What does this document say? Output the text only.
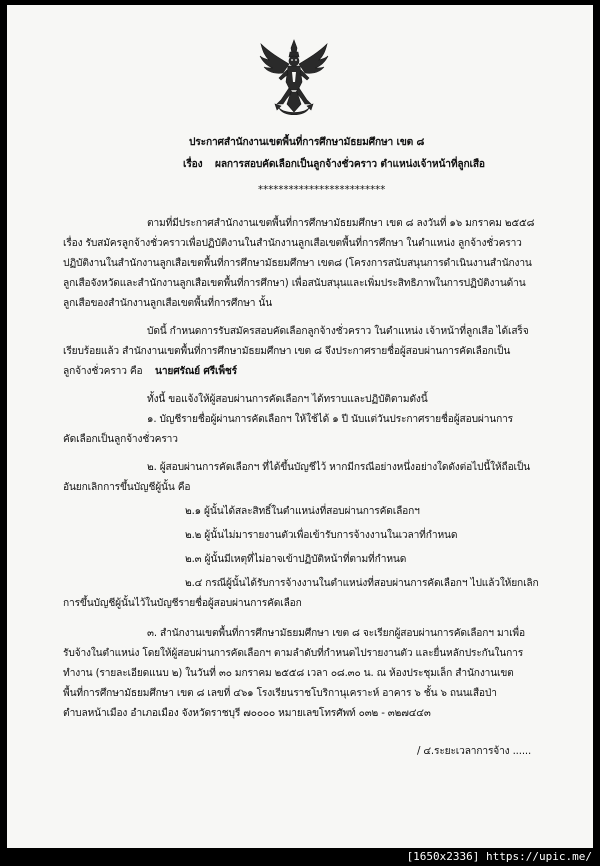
ประกาศสำนักงานเขตพื้นที่การศึกษามัธยมศึกษา เขต ๘
เรื่อง ผลการสอบคัดเลือกเป็นลูกจ้างชั่วคราว ตำแหน่งเจ้าหน้าที่ลูกเสือ
*************************
ตามที่มีประกาศสำนักงานเขตพื้นที่การศึกษามัธยมศึกษา เขต ๘ ลงวันที่ ๑๖ มกราคม ๒๕๕๘
เรื่อง รับสมัครลูกจ้างชั่วคราวเพื่อปฏิบัติงานในสำนักงานลูกเสือเขตพื้นที่การศึกษา ในตำแหน่ง ลูกจ้างชั่วคราว
ปฏิบัติงานในสำนักงานลูกเสือเขตพื้นที่การศึกษามัธยมศึกษา เขต๘ (โครงการสนับสนุนการดำเนินงานสำนักงาน
ลูกเสือจังหวัดและสำนักงานลูกเสือเขตพื้นที่การศึกษา) เพื่อสนับสนุนและเพิ่มประสิทธิภาพในการปฏิบัติงานด้าน
ลูกเสือของสำนักงานลูกเสือเขตพื้นที่การศึกษา นั้น
บัดนี้ กำหนดการรับสมัครสอบคัดเลือกลูกจ้างชั่วคราว ในตำแหน่ง เจ้าหน้าที่ลูกเสือ ได้เสร็จ
เรียบร้อยแล้ว สำนักงานเขตพื้นที่การศึกษามัธยมศึกษา เขต ๘ จึงประกาศรายชื่อผู้สอบผ่านการคัดเลือกเป็น
ลูกจ้างชั่วคราว คือ นายศรัณย์ ศรีเพ็ชร์
ทั้งนี้ ขอแจ้งให้ผู้สอบผ่านการคัดเลือกฯ ได้ทราบและปฏิบัติตามดังนี้
๑. บัญชีรายชื่อผู้ผ่านการคัดเลือกฯ ให้ใช้ได้ ๑ ปี นับแต่วันประกาศรายชื่อผู้สอบผ่านการ
คัดเลือกเป็นลูกจ้างชั่วคราว
๒. ผู้สอบผ่านการคัดเลือกฯ ที่ได้ขึ้นบัญชีไว้ หากมีกรณีอย่างหนึ่งอย่างใดดังต่อไปนี้ให้ถือเป็น
อันยกเลิกการขึ้นบัญชีผู้นั้น คือ
๒.๑ ผู้นั้นได้สละสิทธิ์ในตำแหน่งที่สอบผ่านการคัดเลือกฯ
๒.๒ ผู้นั้นไม่มารายงานตัวเพื่อเข้ารับการจ้างงานในเวลาที่กำหนด
๒.๓ ผู้นั้นมีเหตุที่ไม่อาจเข้าปฏิบัติหน้าที่ตามที่กำหนด
๒.๔ กรณีผู้นั้นได้รับการจ้างงานในตำแหน่งที่สอบผ่านการคัดเลือกฯ ไปแล้วให้ยกเลิก
การขึ้นบัญชีผู้นั้นไว้ในบัญชีรายชื่อผู้สอบผ่านการคัดเลือก
๓. สำนักงานเขตพื้นที่การศึกษามัธยมศึกษา เขต ๘ จะเรียกผู้สอบผ่านการคัดเลือกฯ มาเพื่อ
รับจ้างในตำแหน่ง โดยให้ผู้สอบผ่านการคัดเลือกฯ ตามลำดับที่กำหนดไปรายงานตัว และยื่นหลักประกันในการ
ทำงาน (รายละเอียดแนบ ๒) ในวันที่ ๓๐ มกราคม ๒๕๕๘ เวลา ๐๘.๓๐ น. ณ ห้องประชุมเล็ก สำนักงานเขต
พื้นที่การศึกษามัธยมศึกษา เขต ๘ เลขที่ ๔๖๑ โรงเรียนราชโบริกานุเคราะห์ อาคาร ๖ ชั้น ๖ ถนนเสือป่า
ตำบลหน้าเมือง อำเภอเมือง จังหวัดราชบุรี ๗๐๐๐๐ หมายเลขโทรศัพท์ ๐๓๒ - ๓๒๗๔๔๓
/ ๔.ระยะเวลาการจ้าง ......
[1650x2336] https://upic.me/
